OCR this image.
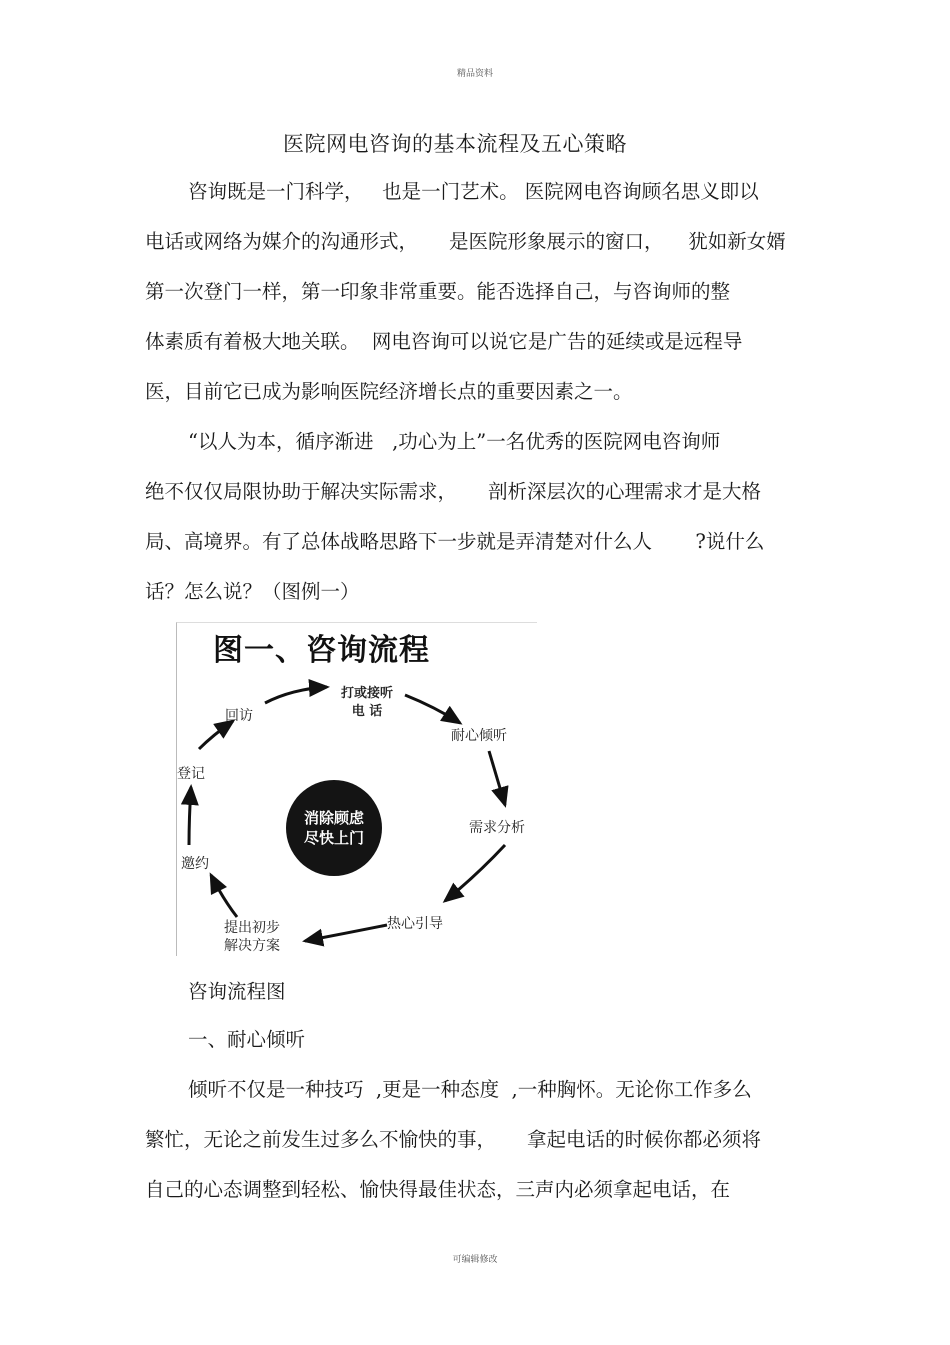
精品资料
医院网电咨询的基本流程及五心策略
咨询既是一门科学，   也是一门艺术。 医院网电咨询顾名思义即以
电话或网络为媒介的沟通形式，     是医院形象展示的窗口，    犹如新女婿
第一次登门一样，第一印象非常重要。能否选择自己，与咨询师的整
体素质有着极大地关联。  网电咨询可以说它是广告的延续或是远程导
医，目前它已成为影响医院经济增长点的重要因素之一。
“以人为本，循序渐进   ,功心为上”一名优秀的医院网电咨询师
绝不仅仅局限协助于解决实际需求，     剖析深层次的心理需求才是大格
局、高境界。有了总体战略思路下一步就是弄清楚对什么人       ?说什么
话？怎么说？（图例一）
图一、咨询流程
打或接听
电 话
耐心倾听
需求分析
热心引导
提出初步
解决方案
邀约
登记
回访
消除顾虑
尽快上门
咨询流程图
一、耐心倾听
倾听不仅是一种技巧  ,更是一种态度  ,一种胸怀。无论你工作多么
繁忙，无论之前发生过多么不愉快的事，     拿起电话的时候你都必须将
自己的心态调整到轻松、愉快得最佳状态，三声内必须拿起电话，在
可编辑修改
